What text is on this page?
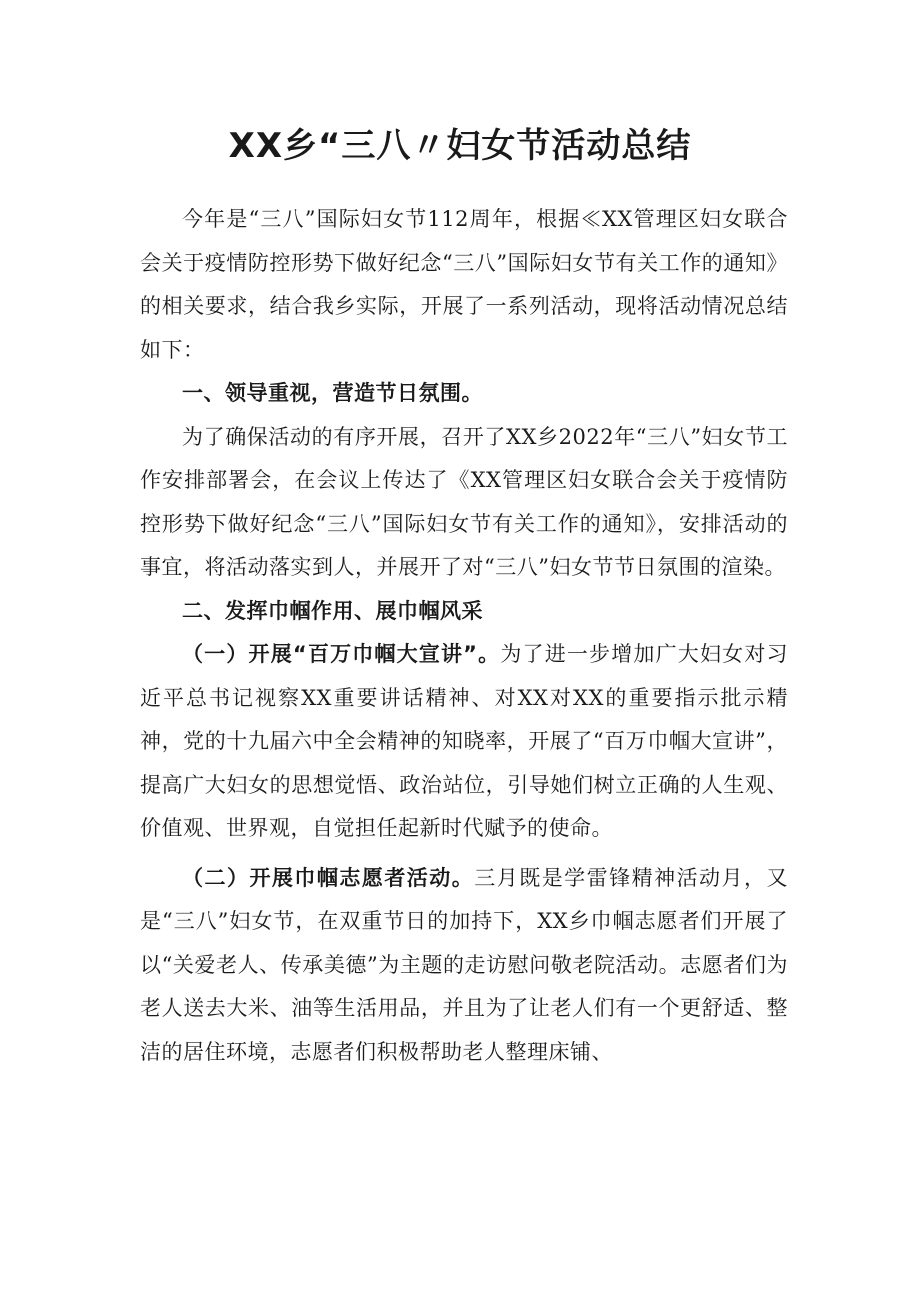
XX乡“三八〃妇女节活动总结

今年是“三八”国际妇女节112周年，根据≪XX管理区妇女联合会关于疫情防控形势下做好纪念“三八”国际妇女节有关工作的通知》的相关要求，结合我乡实际，开展了一系列活动，现将活动情况总结如下：

一、领导重视，营造节日氛围。

为了确保活动的有序开展，召开了XX乡2022年“三八”妇女节工作安排部署会，在会议上传达了《XX管理区妇女联合会关于疫情防控形势下做好纪念“三八”国际妇女节有关工作的通知》，安排活动的事宜，将活动落实到人，并展开了对“三八”妇女节节日氛围的渲染。

二、发挥巾帼作用、展巾帼风采

（一）开展“百万巾帼大宣讲”。为了进一步增加广大妇女对习近平总书记视察XX重要讲话精神、对XX对XX的重要指示批示精神，党的十九届六中全会精神的知晓率，开展了“百万巾帼大宣讲”，提高广大妇女的思想觉悟、政治站位，引导她们树立正确的人生观、价值观、世界观，自觉担任起新时代赋予的使命。

（二）开展巾帼志愿者活动。三月既是学雷锋精神活动月，又是“三八”妇女节，在双重节日的加持下，XX乡巾帼志愿者们开展了以“关爱老人、传承美德”为主题的走访慰问敬老院活动。志愿者们为老人送去大米、油等生活用品，并且为了让老人们有一个更舒适、整洁的居住环境，志愿者们积极帮助老人整理床铺、
